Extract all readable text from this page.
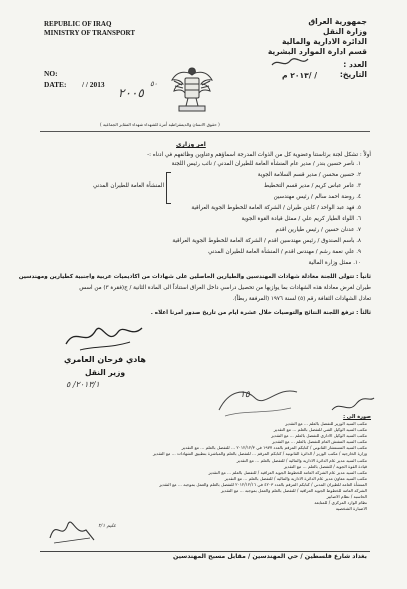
REPUBLIC OF IRAQ
MINISTRY OF TRANSPORT
NO:
DATE: / / 2013
٢٠٠٥
٥٠
( حقوق الانسان والديمقراطية أمرة للشهداء شهداء المقابر الجماعية )
جمهورية العراق
وزارة النقل
الدائرة الادارية والمالية
قسم ادارة الموارد البشرية
العدد :
التاريخ:
/ /٢٠١٣ م
امر وزاري
أولاً : تشكل لجنة برئاستنا وعضوية كل من الذوات المدرجة اسماؤهم وعناوين وظائفهم في ادناه :-
١. ناصر حسين بندر / مدير عام المنشأة العامة للطيران المدني / نائب رئيس اللجنة
٢. حسين محسن / مدير قسم السلامة الجوية
٣. عامر عباس كريم / مدير قسم التخطيط
٤. روضة احمد سالم / رئيس مهندسين
٥. فهد عبد الواحد / كابتن طيران / الشركة العامة للخطوط الجوية العراقية
٦. اللواء الطيار كريم علي / ممثل قيادة القوة الجوية
٧. عدنان حسين / رئيس طيارين اقدم
٨. باسم الصندوق / رئيس مهندسين اقدم / الشركة العامة للخطوط الجوية العراقية
٩. علي نعمة رشم / مهندس اقدم / المنشأة العامة للطيران المدني
١٠. ممثل وزارة المالية
المنشأة العامة للطيران المدني
ثانياً : تتولى اللجنة معادلة شهادات المهندسين والطيارين الحاصلين على شهادات من اكاديميات عربية واجنبية كطيارين ومهندسين
طيران لغرض معادلة هذه الشهادات بما يوازيها من تحصيل دراسي داخل العراق استناداً الى المادة الثانية / ج(فقرة ٣) من اسس
تعادل الشهادات الثقافة رقم (٥) لسنة ١٩٧٦ (المرفقة ربطاً).
ثالثاً : ترفع اللجنة النتائج والتوصيات خلال عشرة ايام من تاريخ صدور امرنا اعلاه .
هادي فرحان العامري
وزير النقل
٢٠١٣/١/ ٥
١٥
صورة الى :
مكتب السيد الوزير للتفضل بالعلم ... مع التقدير
مكتب السيد الوكيل الفني للتفضل بالعلم ... مع التقدير
مكتب السيد الوكيل الاداري للتفضل بالعلم ... مع التقدير
مكتب السيد المفتش العام للتفضل بالعلم ... مع التقدير
مكتب السيد المستشار القانوني / كتابكم المرقم بالعدد ١٩٧٧ في ٢٠١٢/١٢/٣ ... للتفضل بالعلم ... مع التقدير
وزارة الخارجية / مكتب الوزير / الدائرة القانونية / كتابكم المرقم ... للتفضل بالعلم والمباشرة بتطبيق الشهادات ... مع التقدير
مكتب السيد مدير عام الدائرة الادارية والمالية / للتفضل بالعلم ... مع التقدير
قيادة القوة الجوية / للتفضل بالعلم ... مع التقدير
مكتب السيد مدير عام الشركة العامة للخطوط الجوية العراقية / للتفضل بالعلم ... مع التقدير
مكتب السيد معاون مدير عام الدائرة الادارية والمالية / للتفضل بالعلم ... مع التقدير
المنشأة العامة للطيران المدني / كتابكم المرقم بالعدد ٤٢٠٣ في ٢٠١٢/١٢/١٦ للتفضل بالعلم والعمل بموجبه ... مع التقدير
الشركة العامة للخطوط الجوية العراقية / للتفضل بالعلم والعمل بموجبه ... مع التقدير
الحاسبة / نظام الاضابير
نظام الوارد المركزي / للمتابعة
الاضبارة الشخصية
عليم ٢/١
بغداد شارع فلسطين / حي المهندسين / مقابل مسبح المهندسين
